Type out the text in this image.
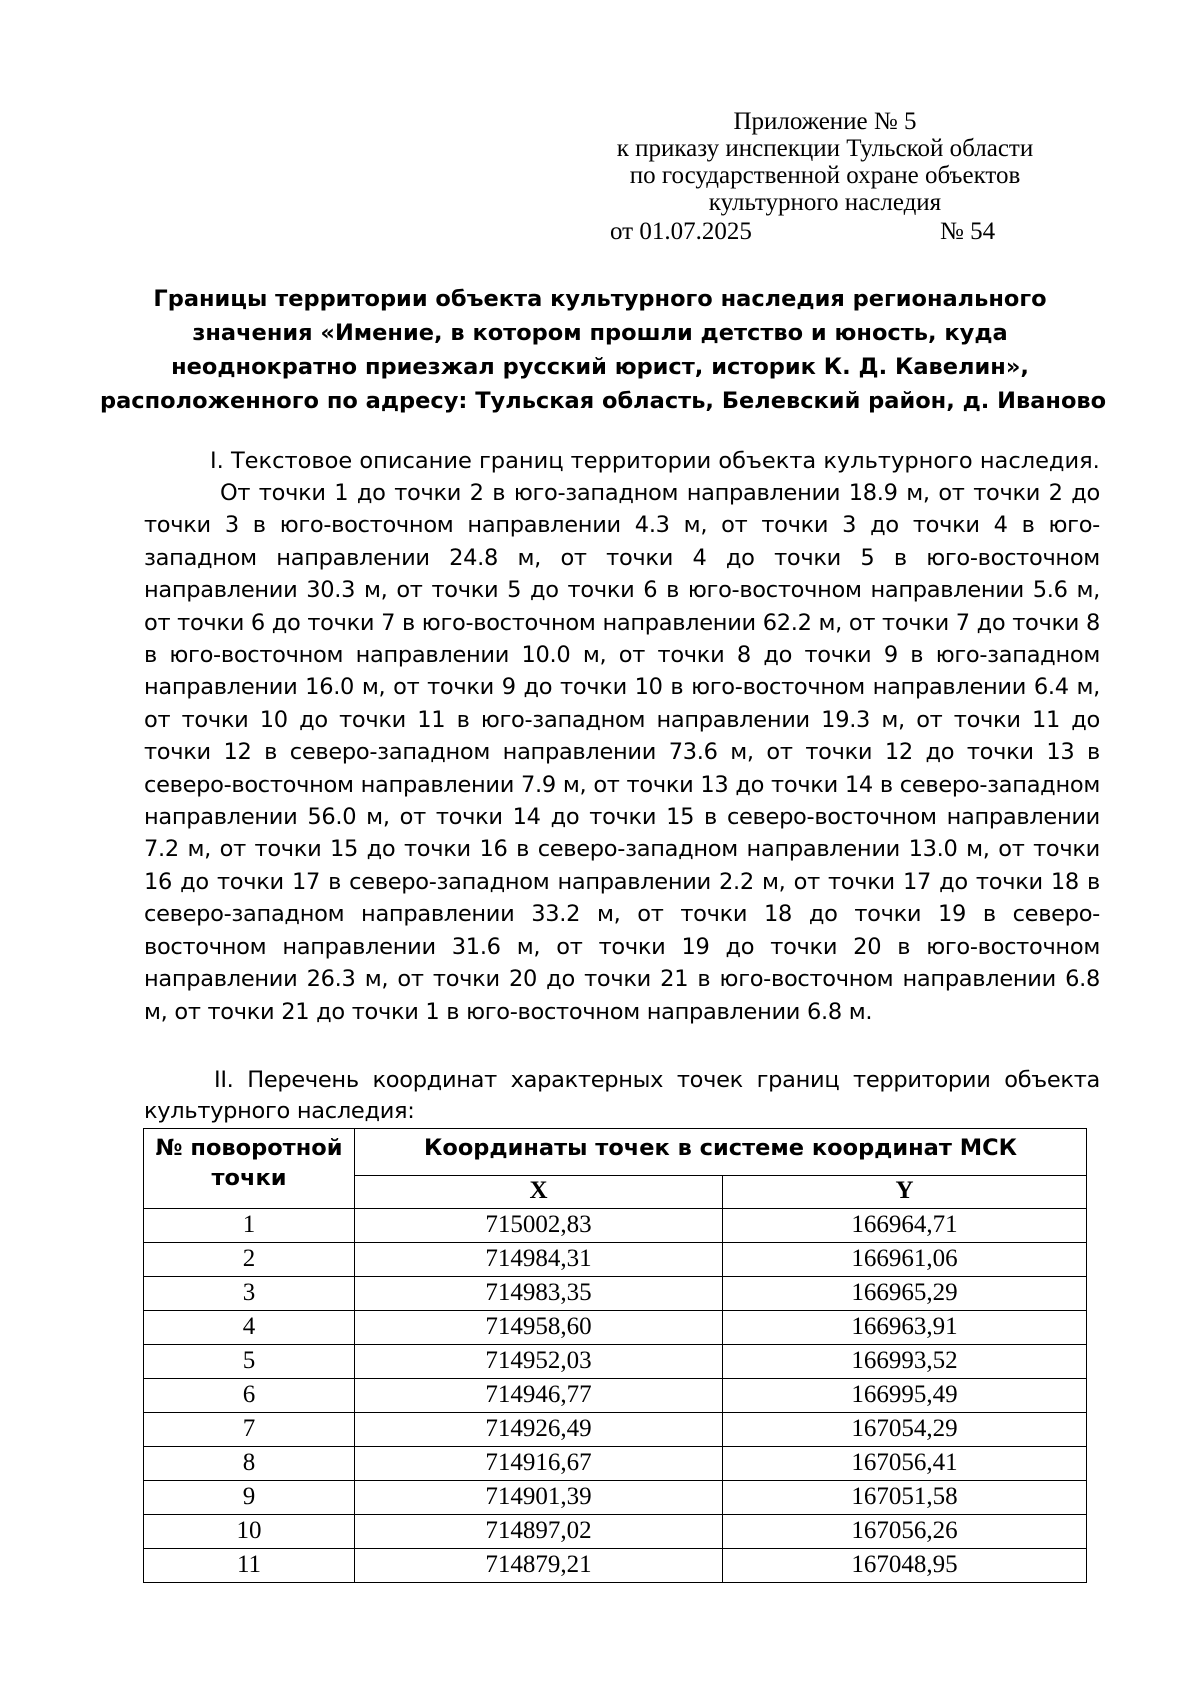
Приложение № 5
к приказу инспекции Тульской области
по государственной охране объектов
культурного наследия
от 01.07.2025	№ 54
Границы территории объекта культурного наследия регионального
значения «Имение, в котором прошли детство и юность, куда
неоднократно приезжал русский юрист, историк К. Д. Кавелин»,
расположенного по адресу: Тульская область, Белевский район, д. Иваново
I. Текстовое описание границ территории объекта культурного наследия.
От точки 1 до точки 2 в юго-западном направлении 18.9 м, от точки 2 до точки 3 в юго-восточном направлении 4.3 м, от точки 3 до точки 4 в юго-западном направлении 24.8 м, от точки 4 до точки 5 в юго-восточном направлении 30.3 м, от точки 5 до точки 6 в юго-восточном направлении 5.6 м, от точки 6 до точки 7 в юго-восточном направлении 62.2 м, от точки 7 до точки 8 в юго-восточном направлении 10.0 м, от точки 8 до точки 9 в юго-западном направлении 16.0 м, от точки 9 до точки 10 в юго-восточном направлении 6.4 м, от точки 10 до точки 11 в юго-западном направлении 19.3 м, от точки 11 до точки 12 в северо-западном направлении 73.6 м, от точки 12 до точки 13 в северо-восточном направлении 7.9 м, от точки 13 до точки 14 в северо-западном направлении 56.0 м, от точки 14 до точки 15 в северо-восточном направлении 7.2 м, от точки 15 до точки 16 в северо-западном направлении 13.0 м, от точки 16 до точки 17 в северо-западном направлении 2.2 м, от точки 17 до точки 18 в северо-западном направлении 33.2 м, от точки 18 до точки 19 в северо-восточном направлении 31.6 м, от точки 19 до точки 20 в юго-восточном направлении 26.3 м, от точки 20 до точки 21 в юго-восточном направлении 6.8 м, от точки 21 до точки 1 в юго-восточном направлении 6.8 м.
II. Перечень координат характерных точек границ территории объекта культурного наследия:
№ поворотной точки	Координаты точек в системе координат МСК	
	X	Y
1	715002,83	166964,71
2	714984,31	166961,06
3	714983,35	166965,29
4	714958,60	166963,91
5	714952,03	166993,52
6	714946,77	166995,49
7	714926,49	167054,29
8	714916,67	167056,41
9	714901,39	167051,58
10	714897,02	167056,26
11	714879,21	167048,95
